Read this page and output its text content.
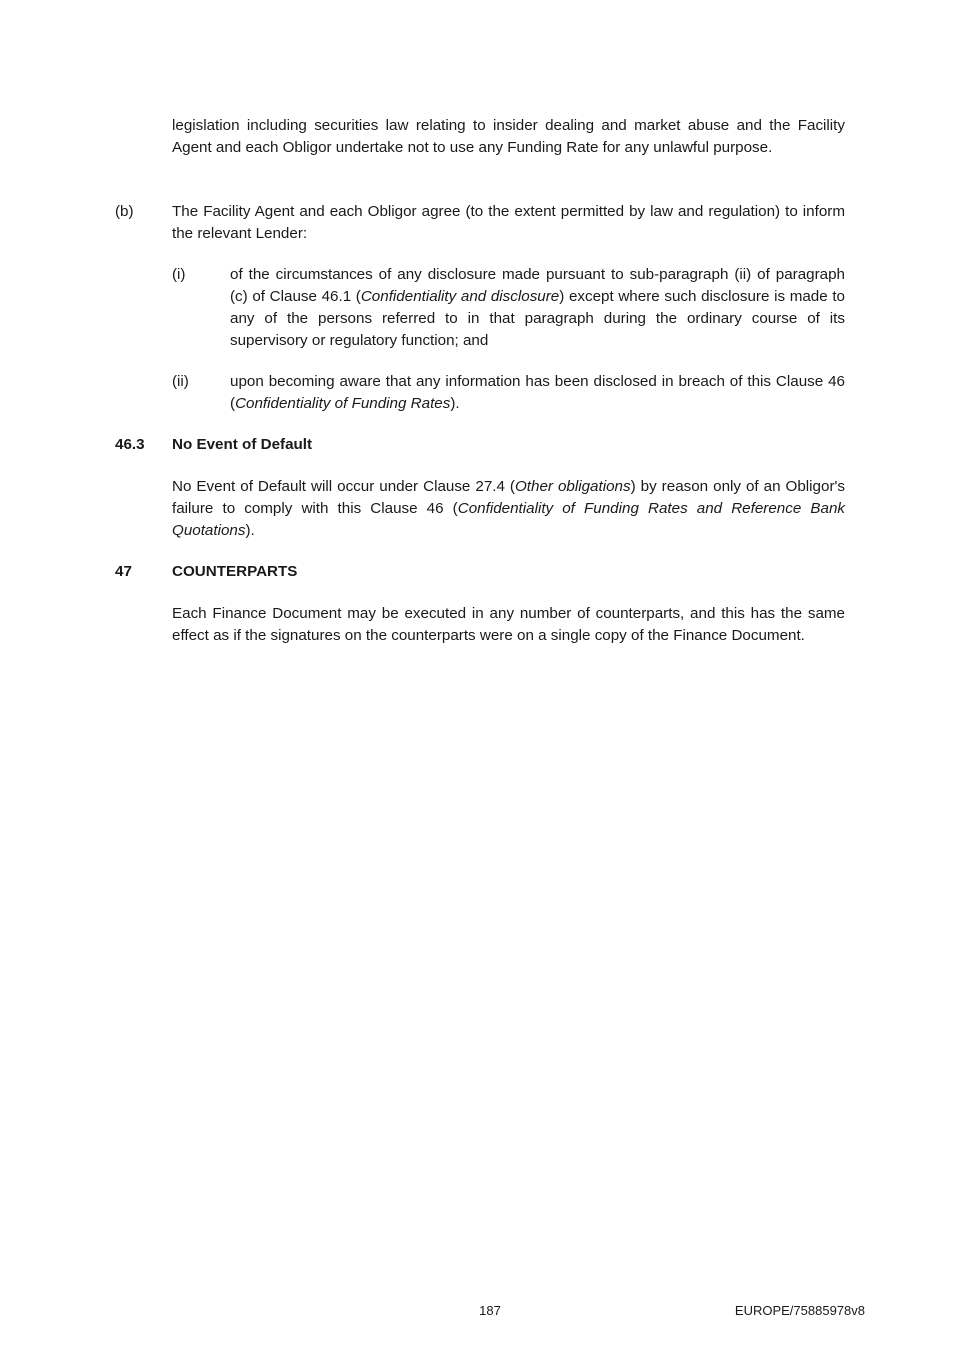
legislation including securities law relating to insider dealing and market abuse and the Facility Agent and each Obligor undertake not to use any Funding Rate for any unlawful purpose.
(b)	The Facility Agent and each Obligor agree (to the extent permitted by law and regulation) to inform the relevant Lender:
(i)	of the circumstances of any disclosure made pursuant to sub-paragraph (ii) of paragraph (c) of Clause 46.1 (Confidentiality and disclosure) except where such disclosure is made to any of the persons referred to in that paragraph during the ordinary course of its supervisory or regulatory function; and
(ii)	upon becoming aware that any information has been disclosed in breach of this Clause 46 (Confidentiality of Funding Rates).
46.3 No Event of Default
No Event of Default will occur under Clause 27.4 (Other obligations) by reason only of an Obligor's failure to comply with this Clause 46 (Confidentiality of Funding Rates and Reference Bank Quotations).
47	COUNTERPARTS
Each Finance Document may be executed in any number of counterparts, and this has the same effect as if the signatures on the counterparts were on a single copy of the Finance Document.
187	EUROPE/75885978v8
